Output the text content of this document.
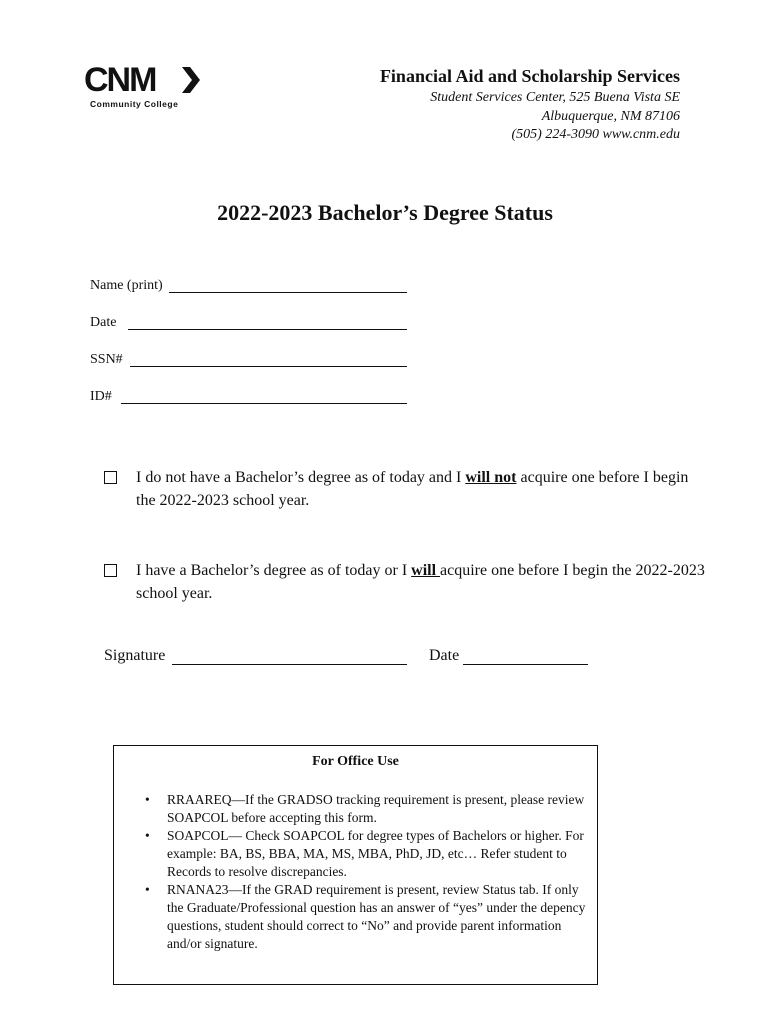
CNM
Community College
Financial Aid and Scholarship Services
Student Services Center, 525 Buena Vista SE
Albuquerque, NM 87106
(505) 224-3090 www.cnm.edu
2022-2023 Bachelor’s Degree Status
Name (print)
Date
SSN#
ID#
I do not have a Bachelor’s degree as of today and I will not acquire one before I begin the 2022-2023 school year.
I have a Bachelor’s degree as of today or I will acquire one before I begin the 2022-2023 school year.
Signature	Date
For Office Use
• RRAAREQ—If the GRADSO tracking requirement is present, please review SOAPCOL before accepting this form.
• SOAPCOL— Check SOAPCOL for degree types of Bachelors or higher. For example: BA, BS, BBA, MA, MS, MBA, PhD, JD, etc… Refer student to Records to resolve discrepancies.
• RNANA23—If the GRAD requirement is present, review Status tab. If only the Graduate/Professional question has an answer of “yes” under the depency questions, student should correct to “No” and provide parent information and/or signature.
